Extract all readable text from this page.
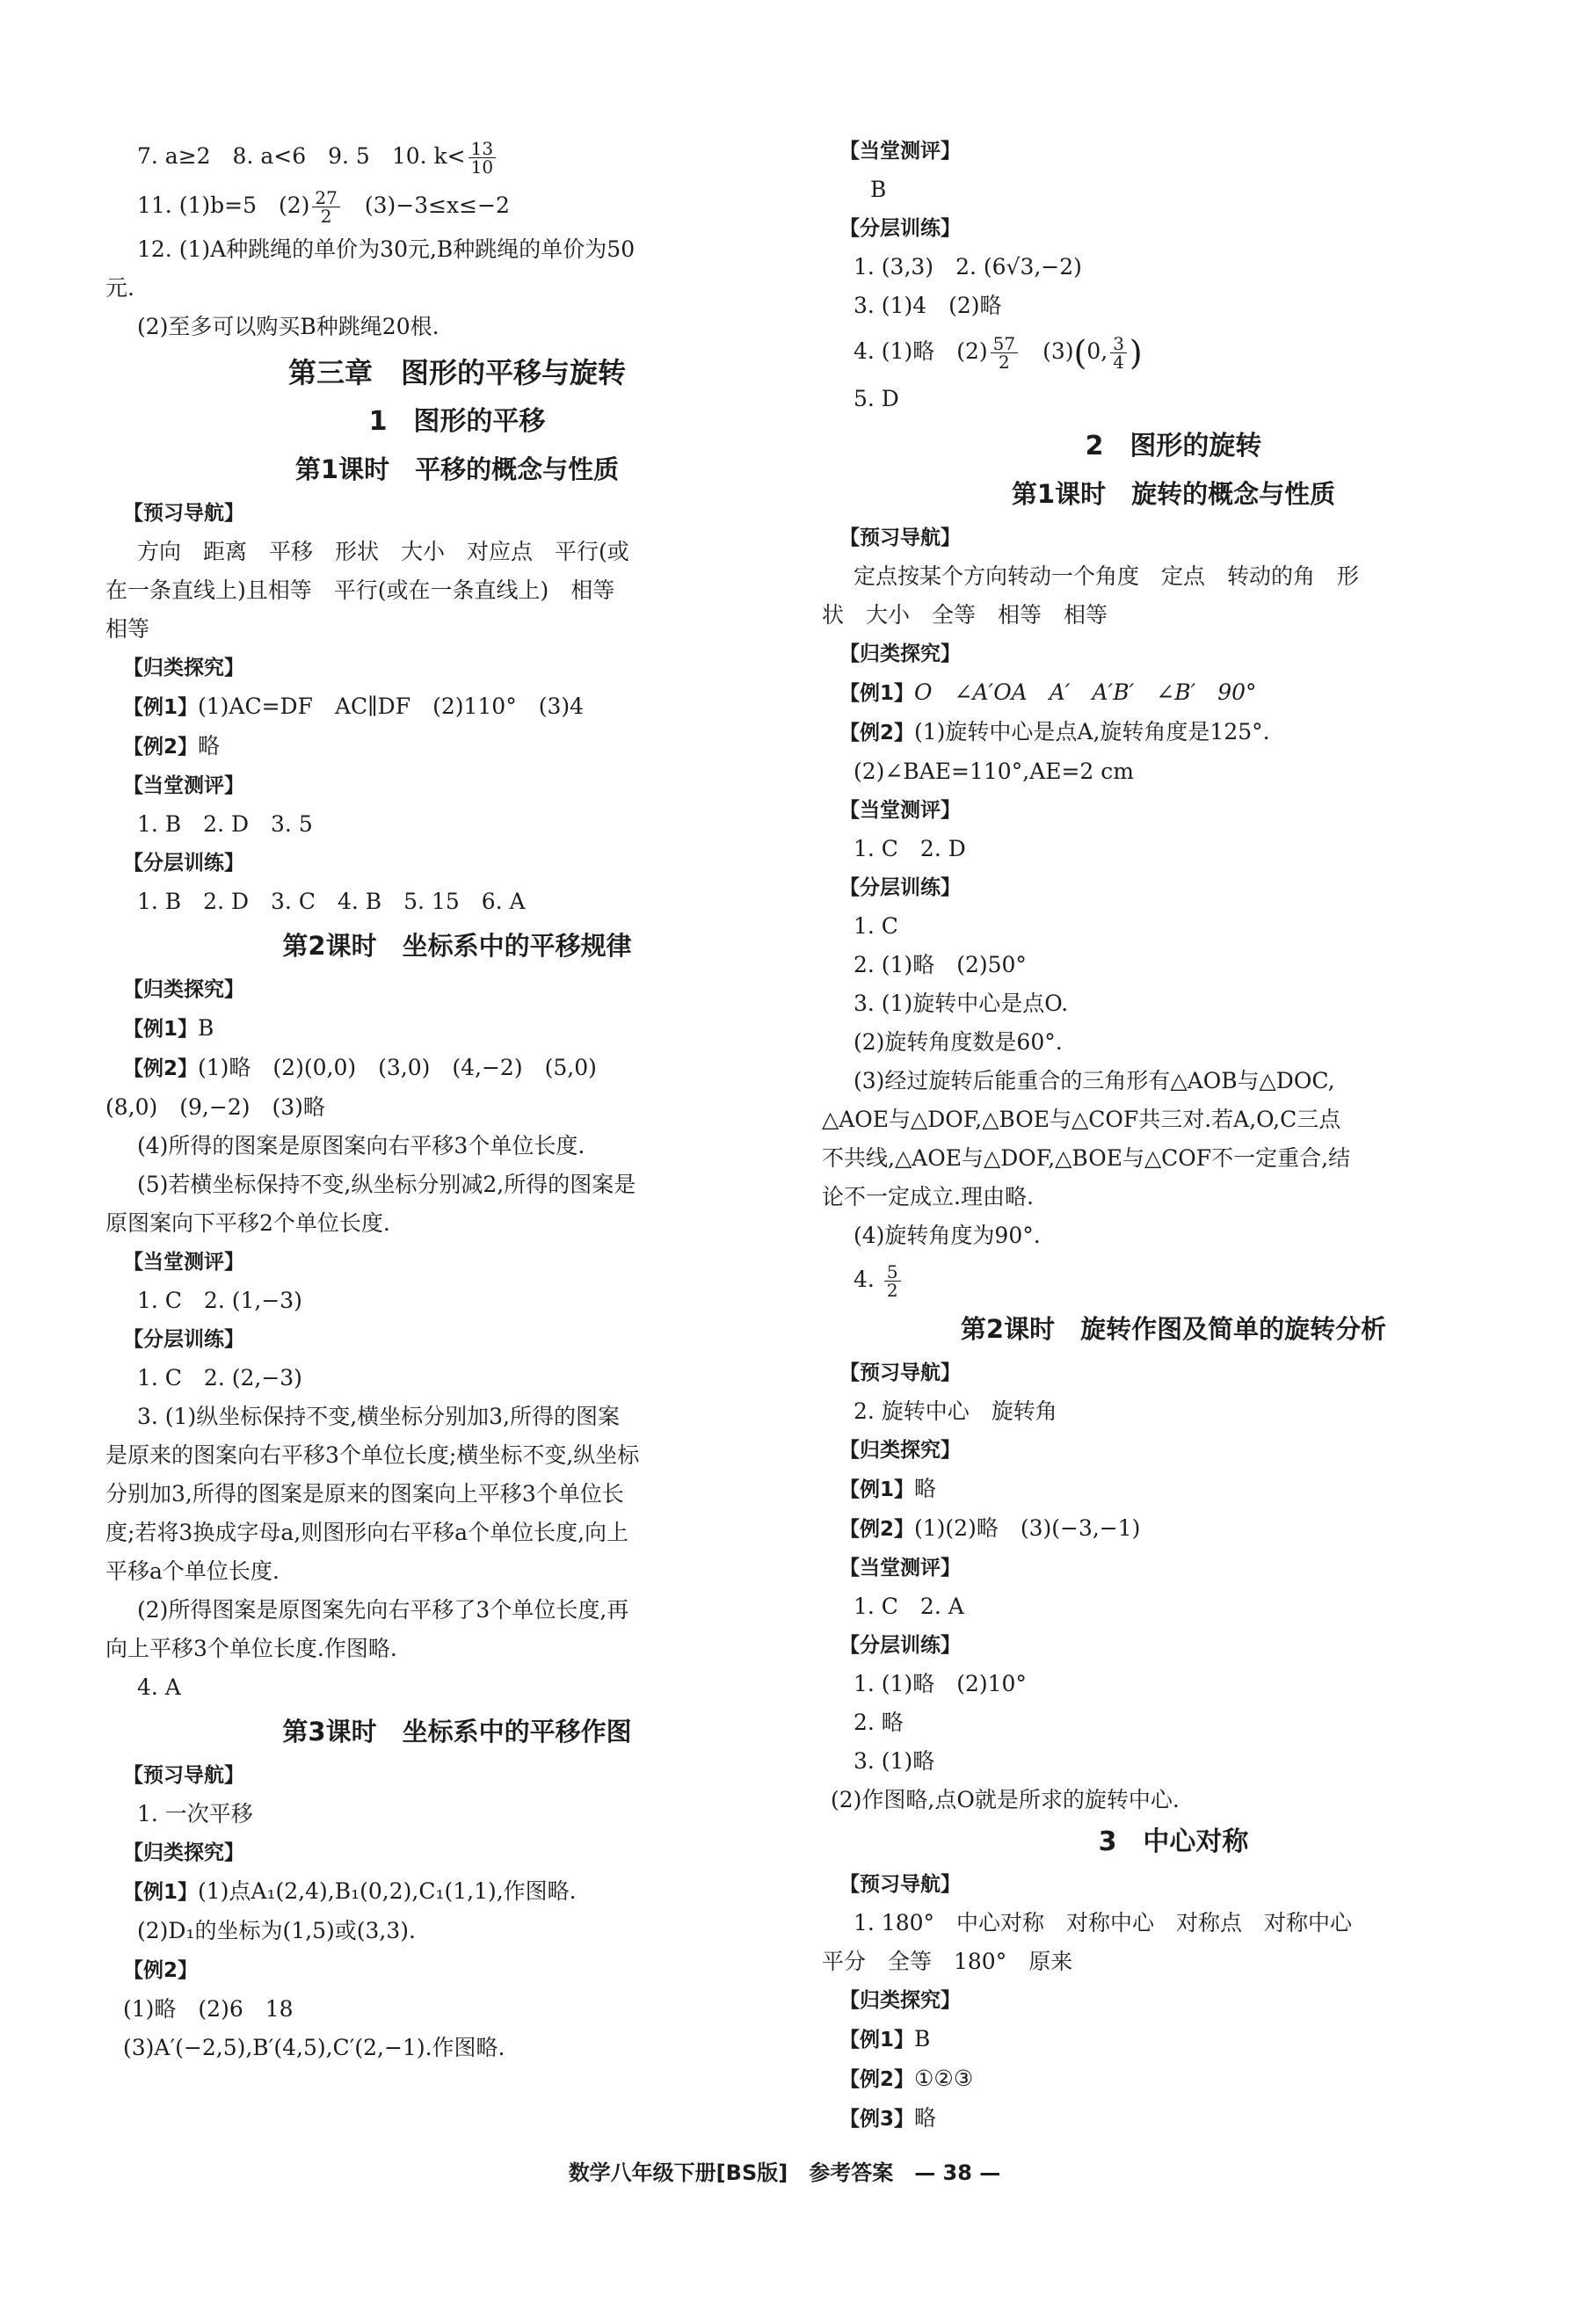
7. a≥2　8. a<6　9. 5　10. $k< \frac{13}{10}$

11. (1)b=5　$(2) \frac{27}{2}$ 　(3)−3≤x≤−2

12. (1)A种跳绳的单价为30元,B种跳绳的单价为50

元.

(2)至多可以购买B种跳绳20根.

第三章　图形的平移与旋转

1　图形的平移

第1课时　平移的概念与性质

【预习导航】

方向　距离　平移　形状　大小　对应点　平行(或

在一条直线上)且相等　平行(或在一条直线上)　相等

相等

【归类探究】

【例1】(1)AC=DF　AC∥DF　(2)110°　(3)4

【例2】略

【当堂测评】

1. B　2. D　3. 5

【分层训练】

1. B　2. D　3. C　4. B　5. 15　6. A

第2课时　坐标系中的平移规律

【归类探究】

【例1】B

【例2】(1)略　(2)(0,0)　(3,0)　(4,−2)　(5,0)

(8,0)　(9,−2)　(3)略

(4)所得的图案是原图案向右平移3个单位长度.

(5)若横坐标保持不变,纵坐标分别减2,所得的图案是

原图案向下平移2个单位长度.

【当堂测评】

1. C　2. (1,−3)

【分层训练】

1. C　2. (2,−3)

3. (1)纵坐标保持不变,横坐标分别加3,所得的图案

是原来的图案向右平移3个单位长度;横坐标不变,纵坐标

分别加3,所得的图案是原来的图案向上平移3个单位长

度;若将3换成字母a,则图形向右平移a个单位长度,向上

平移a个单位长度.

(2)所得图案是原图案先向右平移了3个单位长度,再

向上平移3个单位长度.作图略.

4. A

第3课时　坐标系中的平移作图

【预习导航】

1. 一次平移

【归类探究】

【例1】(1)点A₁(2,4),B₁(0,2),C₁(1,1),作图略.

(2)D₁的坐标为(1,5)或(3,3).

【例2】

(1)略　(2)6　18

(3)A′(−2,5),B′(4,5),C′(2,−1).作图略.

【当堂测评】

B

【分层训练】

1. (3,3)　2. (6√3,−2)

3. (1)4　(2)略

4. (1)略　$(2) \frac{57}{2}$ 　(3)(0, $\frac{3}{4}$ )

5. D

2　图形的旋转

第1课时　旋转的概念与性质

【预习导航】

定点按某个方向转动一个角度　定点　转动的角　形

状　大小　全等　相等　相等

【归类探究】

【例1】O　∠A′OA　A′　A′B′　∠B′　90°

【例2】(1)旋转中心是点A,旋转角度是125°.

(2)∠BAE=110°,AE=2 cm

【当堂测评】

1. C　2. D

【分层训练】

1. C

2. (1)略　(2)50°

3. (1)旋转中心是点O.

(2)旋转角度数是60°.

(3)经过旋转后能重合的三角形有△AOB与△DOC,

△AOE与△DOF,△BOE与△COF共三对.若A,O,C三点

不共线,△AOE与△DOF,△BOE与△COF不一定重合,结

论不一定成立.理由略.

(4)旋转角度为90°.

4. $\frac{5}{2}$

第2课时　旋转作图及简单的旋转分析

【预习导航】

2. 旋转中心　旋转角

【归类探究】

【例1】略

【例2】(1)(2)略　(3)(−3,−1)

【当堂测评】

1. C　2. A

【分层训练】

1. (1)略　(2)10°

2. 略

3. (1)略

(2)作图略,点O就是所求的旋转中心.

3　中心对称

【预习导航】

1. 180°　中心对称　对称中心　对称点　对称中心

平分　全等　180°　原来

【归类探究】

【例1】B

【例2】①②③

【例3】略

数学八年级下册[BS版]　参考答案　— 38 —
